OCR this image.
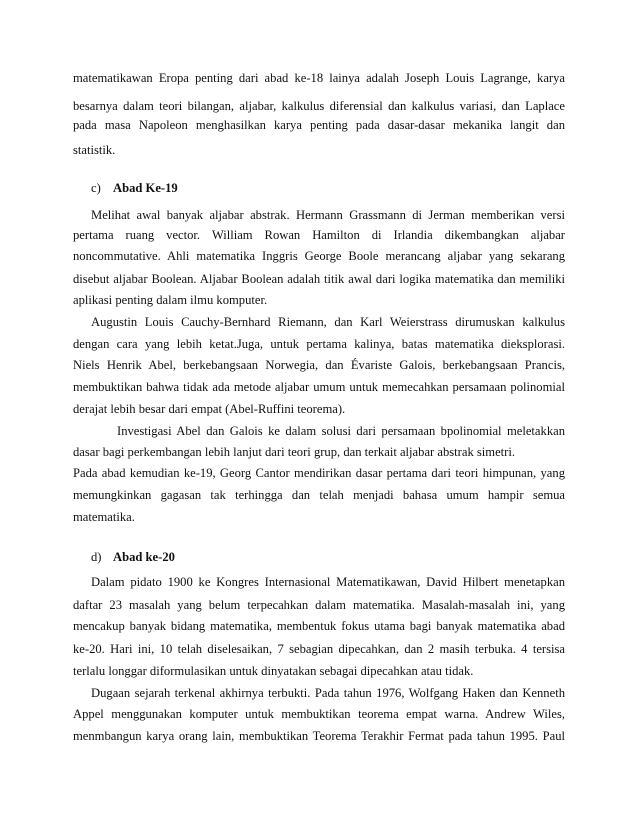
matematikawan Eropa penting dari abad ke-18 lainya adalah Joseph Louis Lagrange, karya
besarnya dalam teori bilangan, aljabar, kalkulus diferensial dan kalkulus variasi, dan Laplace
pada masa Napoleon menghasilkan karya penting pada dasar-dasar mekanika langit dan
statistik.
c) Abad Ke-19
Melihat awal banyak aljabar abstrak. Hermann Grassmann di Jerman memberikan versi
pertama ruang vector. William Rowan Hamilton di Irlandia dikembangkan aljabar
noncommutative. Ahli matematika Inggris George Boole merancang aljabar yang sekarang
disebut aljabar Boolean. Aljabar Boolean adalah titik awal dari logika matematika dan memiliki
aplikasi penting dalam ilmu komputer.
Augustin Louis Cauchy-Bernhard Riemann, dan Karl Weierstrass dirumuskan kalkulus
dengan cara yang lebih ketat.Juga, untuk pertama kalinya, batas matematika dieksplorasi.
Niels Henrik Abel, berkebangsaan Norwegia, dan Évariste Galois, berkebangsaan Prancis,
membuktikan bahwa tidak ada metode aljabar umum untuk memecahkan persamaan polinomial
derajat lebih besar dari empat (Abel-Ruffini teorema).
Investigasi Abel dan Galois ke dalam solusi dari persamaan bpolinomial meletakkan
dasar bagi perkembangan lebih lanjut dari teori grup, dan terkait aljabar abstrak simetri.
Pada abad kemudian ke-19, Georg Cantor mendirikan dasar pertama dari teori himpunan, yang
memungkinkan gagasan tak terhingga dan telah menjadi bahasa umum hampir semua
matematika.
d) Abad ke-20
Dalam pidato 1900 ke Kongres Internasional Matematikawan, David Hilbert menetapkan
daftar 23 masalah yang belum terpecahkan dalam matematika. Masalah-masalah ini, yang
mencakup banyak bidang matematika, membentuk fokus utama bagi banyak matematika abad
ke-20. Hari ini, 10 telah diselesaikan, 7 sebagian dipecahkan, dan 2 masih terbuka. 4 tersisa
terlalu longgar diformulasikan untuk dinyatakan sebagai dipecahkan atau tidak.
Dugaan sejarah terkenal akhirnya terbukti. Pada tahun 1976, Wolfgang Haken dan Kenneth
Appel menggunakan komputer untuk membuktikan teorema empat warna. Andrew Wiles,
menmbangun karya orang lain, membuktikan Teorema Terakhir Fermat pada tahun 1995. Paul
